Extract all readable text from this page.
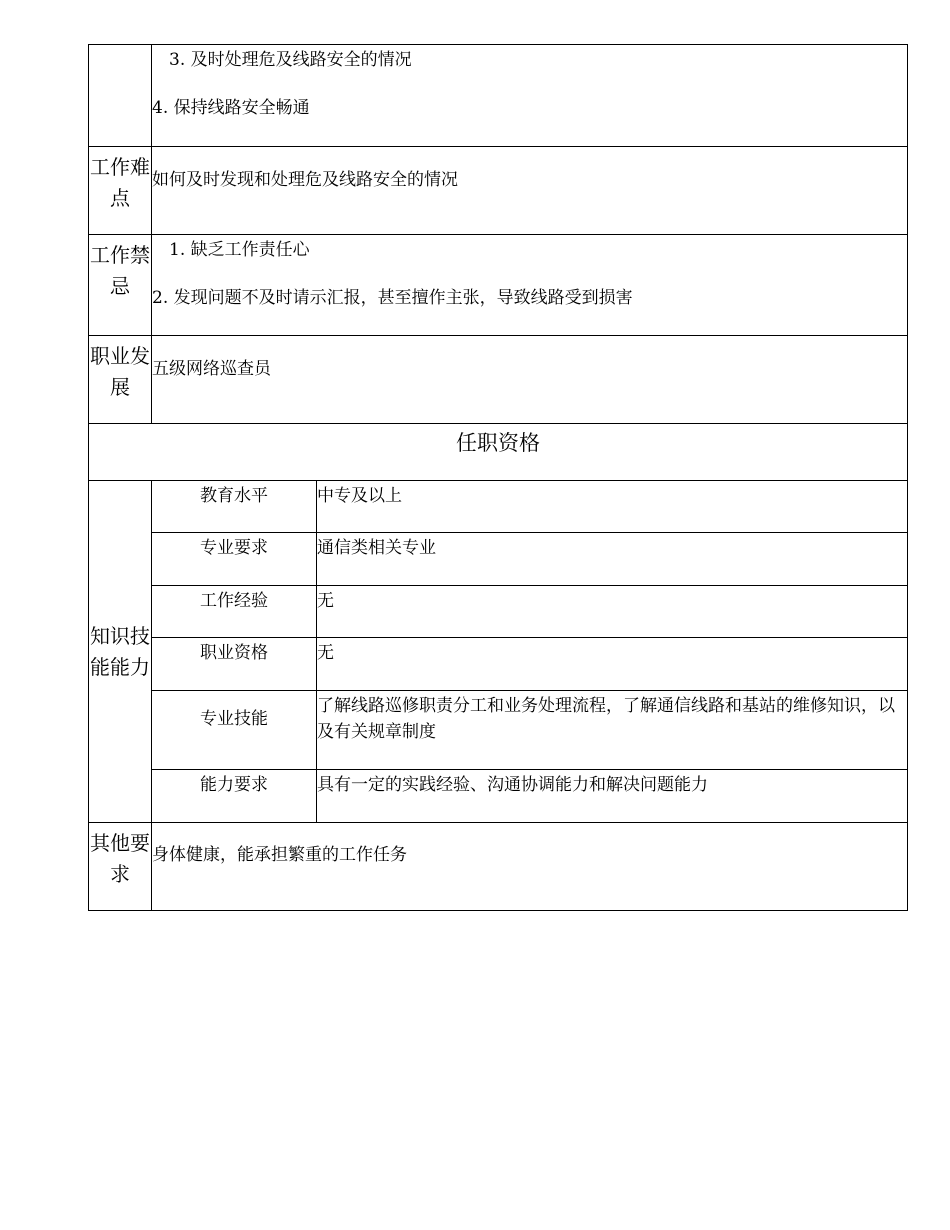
	3. 及时处理危及线路安全的情况

4. 保持线路安全畅通	

工作难点	如何及时发现和处理危及线路安全的情况	

工作禁忌	1. 缺乏工作责任心

2. 发现问题不及时请示汇报，甚至擅作主张，导致线路受到损害	

职业发展	五级网络巡查员	

任职资格		
知识技能能力	教育水平	中专及以上
	专业要求	通信类相关专业
	工作经验	无
	职业资格	无
	专业技能	了解线路巡修职责分工和业务处理流程，了解通信线路和基站的维修知识，以及有关规章制度
	能力要求	具有一定的实践经验、沟通协调能力和解决问题能力
其他要求	身体健康，能承担繁重的工作任务	
